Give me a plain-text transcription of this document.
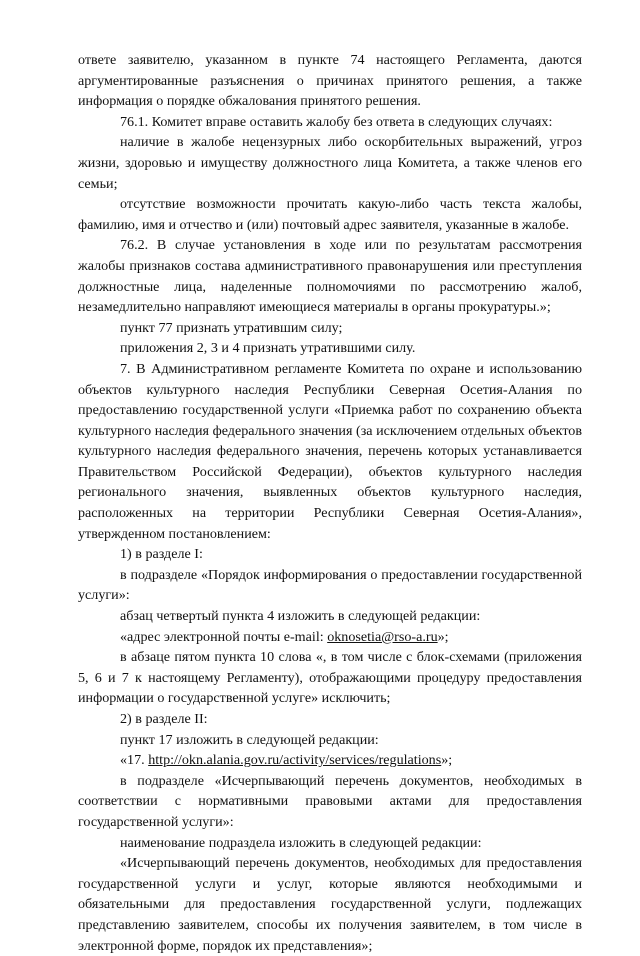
ответе заявителю, указанном в пункте 74 настоящего Регламента, даются аргументированные разъяснения о причинах принятого решения, а также информация о порядке обжалования принятого решения.

76.1. Комитет вправе оставить жалобу без ответа в следующих случаях:

наличие в жалобе нецензурных либо оскорбительных выражений, угроз жизни, здоровью и имуществу должностного лица Комитета, а также членов его семьи;

отсутствие возможности прочитать какую-либо часть текста жалобы, фамилию, имя и отчество и (или) почтовый адрес заявителя, указанные в жалобе.

76.2. В случае установления в ходе или по результатам рассмотрения жалобы признаков состава административного правонарушения или преступления должностные лица, наделенные полномочиями по рассмотрению жалоб, незамедлительно направляют имеющиеся материалы в органы прокуратуры.»;

пункт 77 признать утратившим силу;

приложения 2, 3 и 4 признать утратившими силу.

7. В Административном регламенте Комитета по охране и использованию объектов культурного наследия Республики Северная Осетия-Алания по предоставлению государственной услуги «Приемка работ по сохранению объекта культурного наследия федерального значения (за исключением отдельных объектов культурного наследия федерального значения, перечень которых устанавливается Правительством Российской Федерации), объектов культурного наследия регионального значения, выявленных объектов культурного наследия, расположенных на территории Республики Северная Осетия-Алания», утвержденном постановлением:

1) в разделе I:

в подразделе «Порядок информирования о предоставлении государственной услуги»:

абзац четвертый пункта 4 изложить в следующей редакции:

«адрес электронной почты e-mail: oknosetia@rso-a.ru»;

в абзаце пятом пункта 10 слова «, в том числе с блок-схемами (приложения 5, 6 и 7 к настоящему Регламенту), отображающими процедуру предоставления информации о государственной услуге» исключить;

2) в разделе II:

пункт 17 изложить в следующей редакции:

«17. http://okn.alania.gov.ru/activity/services/regulations»;

в подразделе «Исчерпывающий перечень документов, необходимых в соответствии с нормативными правовыми актами для предоставления государственной услуги»:

наименование подраздела изложить в следующей редакции:

«Исчерпывающий перечень документов, необходимых для предоставления государственной услуги и услуг, которые являются необходимыми и обязательными для предоставления государственной услуги, подлежащих представлению заявителем, способы их получения заявителем, в том числе в электронной форме, порядок их представления»;
